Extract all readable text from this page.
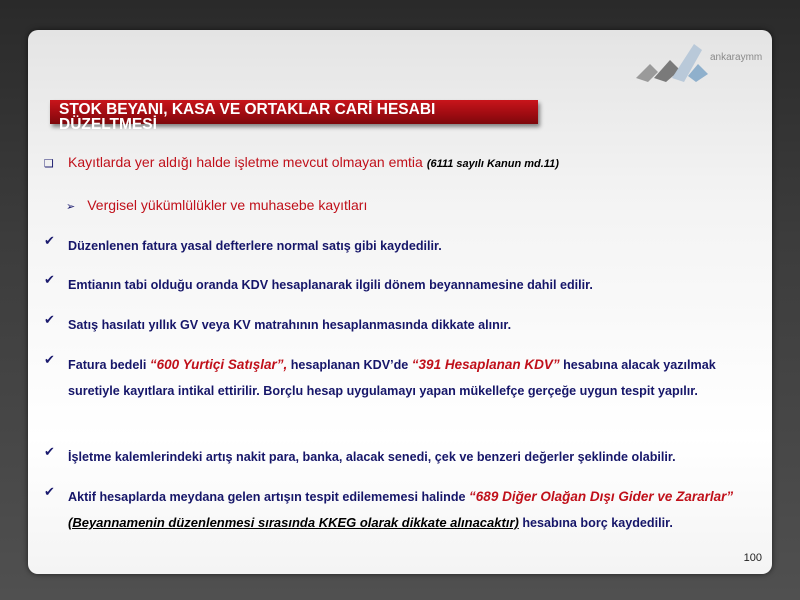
ankaraymm
STOK BEYANI, KASA VE ORTAKLAR CARİ HESABI DÜZELTMESİ
❑ Kayıtlarda yer aldığı halde işletme mevcut olmayan emtia (6111 sayılı Kanun md.11)
➢ Vergisel yükümlülükler ve muhasebe kayıtları
✔	Düzenlenen fatura yasal defterlere normal satış gibi kaydedilir.
✔	Emtianın tabi olduğu oranda KDV hesaplanarak ilgili dönem beyannamesine dahil edilir.
✔	Satış hasılatı yıllık GV veya KV matrahının hesaplanmasında dikkate alınır.
✔	Fatura bedeli “600 Yurtiçi Satışlar”, hesaplanan KDV’de “391 Hesaplanan KDV” hesabına alacak yazılmak suretiyle kayıtlara intikal ettirilir. Borçlu hesap uygulamayı yapan mükellefçe gerçeğe uygun tespit yapılır.
✔	İşletme kalemlerindeki artış nakit para, banka, alacak senedi, çek ve benzeri değerler şeklinde olabilir.
✔	Aktif hesaplarda meydana gelen artışın tespit edilememesi halinde “689 Diğer Olağan Dışı Gider ve Zararlar” (Beyannamenin düzenlenmesi sırasında KKEG olarak dikkate alınacaktır) hesabına borç kaydedilir.
100
